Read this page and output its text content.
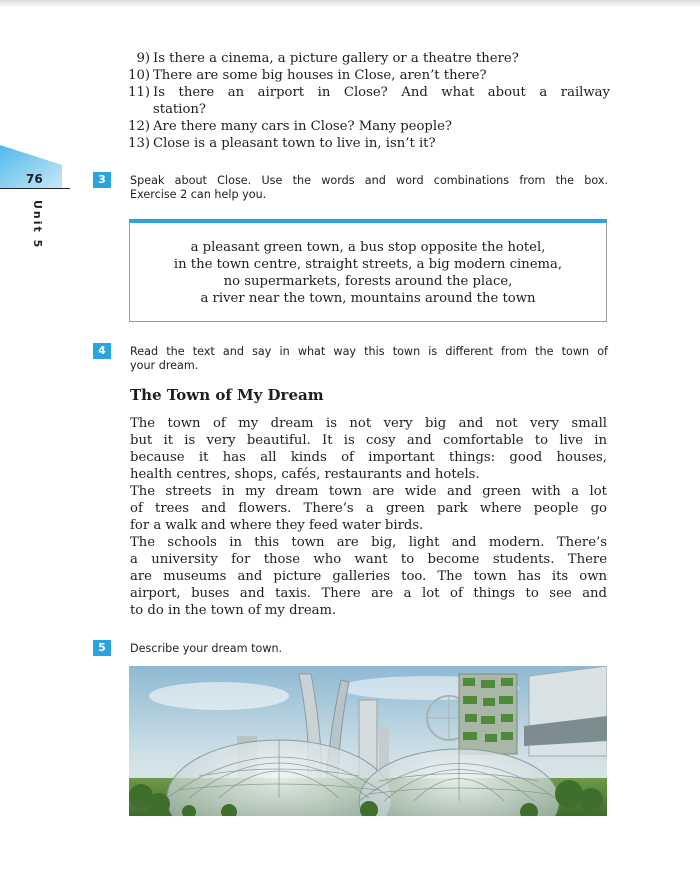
76
Unit 5
9) Is there a cinema, a picture gallery or a theatre there?
10) There are some big houses in Close, aren’t there?
11) Is there an airport in Close? And what about a railway
station?
12) Are there many cars in Close? Many people?
13) Close is a pleasant town to live in, isn’t it?
3	Speak about Close. Use the words and word combinations from the box.
Exercise 2 can help you.
a pleasant green town, a bus stop opposite the hotel,
in the town centre, straight streets, a big modern cinema,
no supermarkets, forests around the place,
a river near the town, mountains around the town
4	Read the text and say in what way this town is different from the town of
your dream.
The Town of My Dream
The town of my dream is not very big and not very small
but it is very beautiful. It is cosy and comfortable to live in
because it has all kinds of important things: good houses,
health centres, shops, cafés, restaurants and hotels.
The streets in my dream town are wide and green with a lot
of trees and flowers. There’s a green park where people go
for a walk and where they feed water birds.
The schools in this town are big, light and modern. There’s
a university for those who want to become students. There
are museums and picture galleries too. The town has its own
airport, buses and taxis. There are a lot of things to see and
to do in the town of my dream.
5	Describe your dream town.
